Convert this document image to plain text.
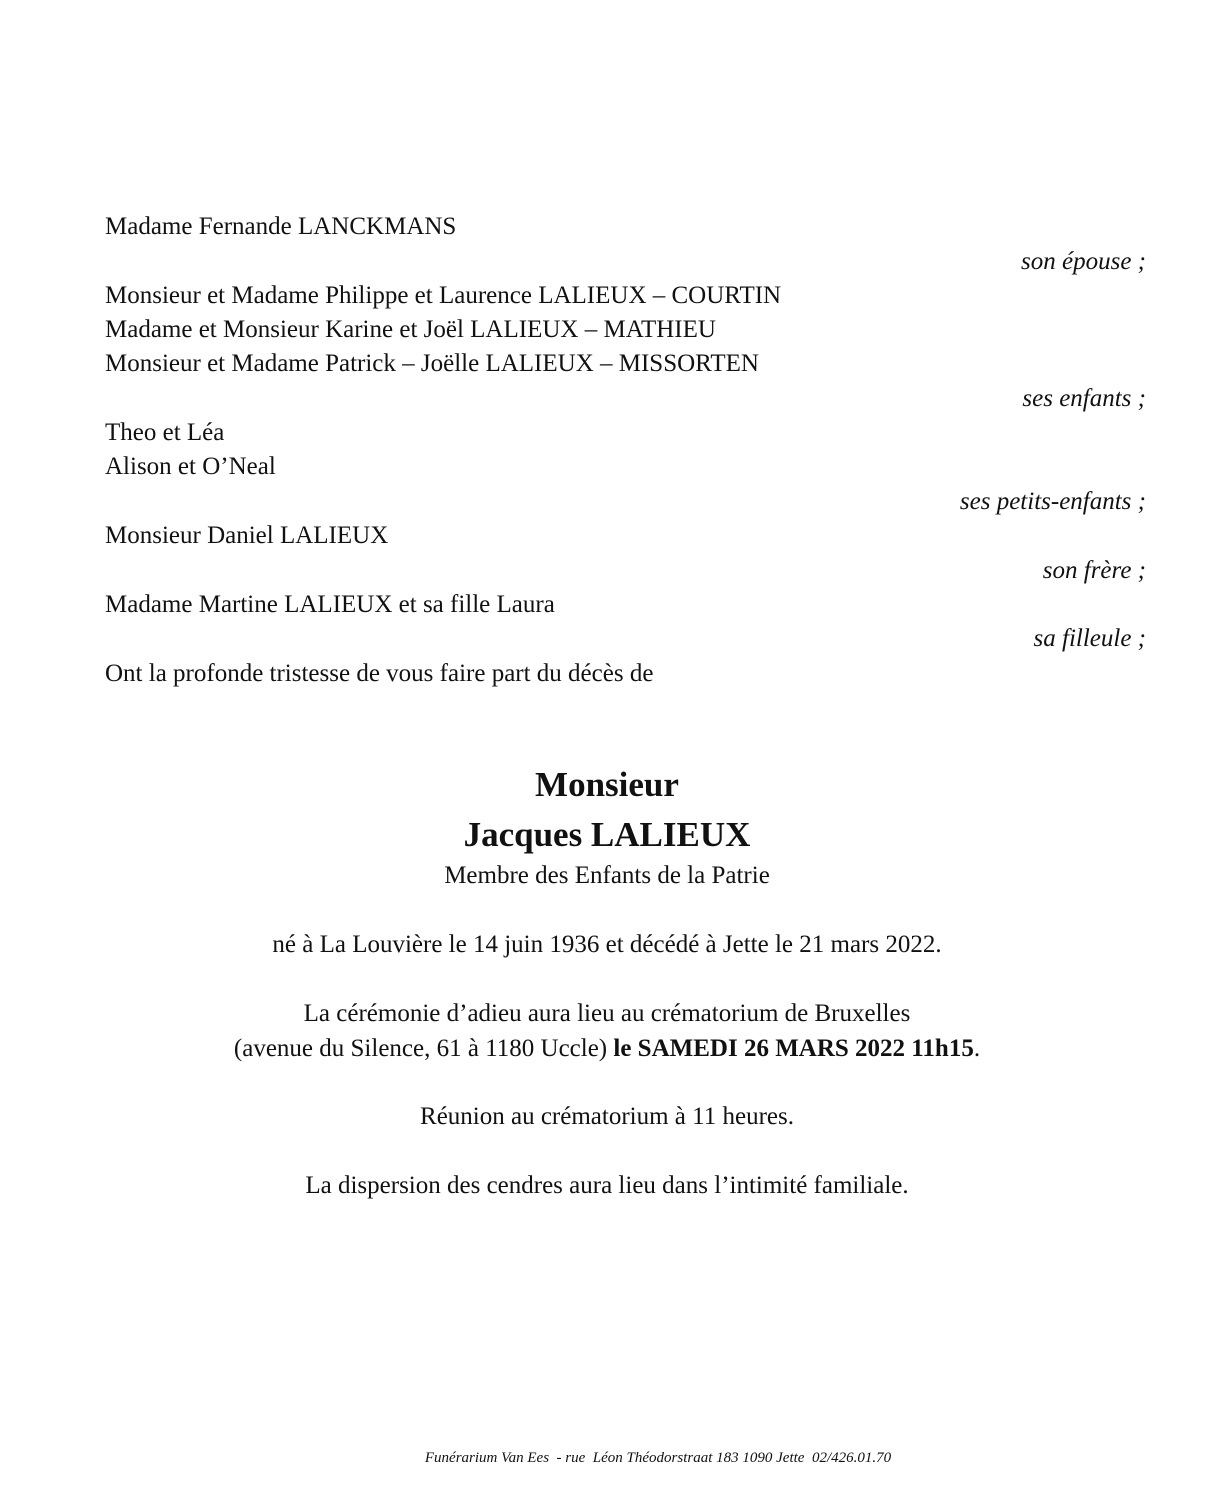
Madame Fernande LANCKMANS
son épouse ;
Monsieur et Madame Philippe et Laurence LALIEUX – COURTIN
Madame et Monsieur Karine et Joël LALIEUX – MATHIEU
Monsieur et Madame Patrick – Joëlle LALIEUX – MISSORTEN
ses enfants ;
Theo et Léa
Alison et O’Neal
ses petits-enfants ;
Monsieur Daniel LALIEUX
son frère ;
Madame Martine LALIEUX et sa fille Laura
sa filleule ;
Ont la profonde tristesse de vous faire part du décès de
Monsieur
Jacques LALIEUX
Membre des Enfants de la Patrie
né à La Louvière le 14 juin 1936 et décédé à Jette le 21 mars 2022.
La cérémonie d’adieu aura lieu au crématorium de Bruxelles
(avenue du Silence, 61 à 1180 Uccle) le SAMEDI 26 MARS 2022 11h15.
Réunion au crématorium à 11 heures.
La dispersion des cendres aura lieu dans l’intimité familiale.
Funérarium Van Ees  - rue  Léon Théodorstraat 183 1090 Jette  02/426.01.70
